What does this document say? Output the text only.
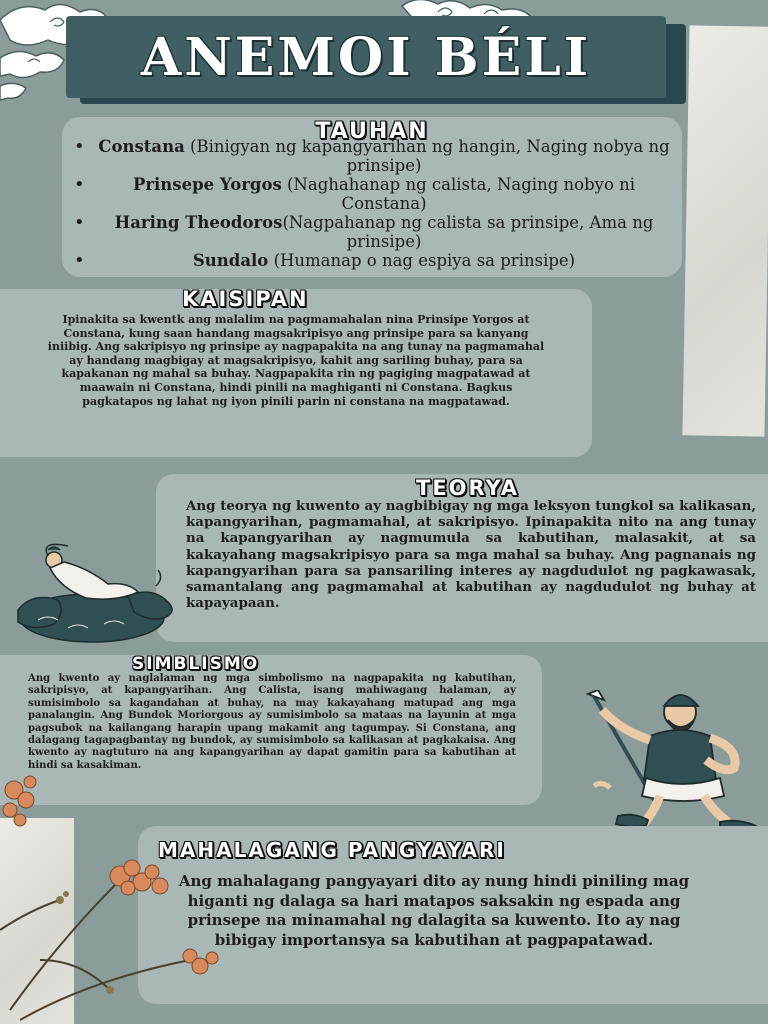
ANEMOI BÉLI
TAUHAN
• Constana (Binigyan ng kapangyarihan ng hangin, Naging nobya ng prinsipe)
• Prinsepe Yorgos (Naghahanap ng calista, Naging nobyo ni Constana)
• Haring Theodoros(Nagpahanap ng calista sa prinsipe, Ama ng prinsipe)
• Sundalo (Humanap o nag espiya sa prinsipe)
KAISIPAN

Ipinakita sa kwentk ang malalim na pagmamahalan nina Prinsipe Yorgos at Constana, kung saan handang magsakripisyo ang prinsipe para sa kanyang iniibig. Ang sakripisyo ng prinsipe ay nagpapakita na ang tunay na pagmamahal ay handang magbigay at magsakripisyo, kahit ang sariling buhay, para sa kapakanan ng mahal sa buhay. Nagpapakita rin ng pagiging magpatawad at maawain ni Constana, hindi pinili na maghiganti ni Constana. Bagkus pagkatapos ng lahat ng iyon pinili parin ni constana na magpatawad.

TEORYA

Ang teorya ng kuwento ay nagbibigay ng mga leksyon tungkol sa kalikasan, kapangyarihan, pagmamahal, at sakripisyo. Ipinapakita nito na ang tunay na kapangyarihan ay nagmumula sa kabutihan, malasakit, at sa kakayahang magsakripisyo para sa mga mahal sa buhay. Ang pagnanais ng kapangyarihan para sa pansariling interes ay nagdudulot ng pagkawasak, samantalang ang pagmamahal at kabutihan ay nagdudulot ng buhay at kapayapaan.

SIMBLISMO

Ang kwento ay naglalaman ng mga simbolismo na nagpapakita ng kabutihan, sakripisyo, at kapangyarihan. Ang Calista, isang mahiwagang halaman, ay sumisimbolo sa kagandahan at buhay, na may kakayahang matupad ang mga panalangin. Ang Bundok Moriorgous ay sumisimbolo sa mataas na layunin at mga pagsubok na kailangang harapin upang makamit ang tagumpay. Si Constana, ang dalagang tagapagbantay ng bundok, ay sumisimbolo sa kalikasan at pagkakaisa. Ang kwento ay nagtuturo na ang kapangyarihan ay dapat gamitin para sa kabutihan at hindi sa kasakiman.

MAHALAGANG PANGYAYARI

Ang mahalagang pangyayari dito ay nung hindi piniling mag higanti ng dalaga sa hari matapos saksakin ng espada ang prinsepe na minamahal ng dalagita sa kuwento. Ito ay nag bibigay importansya sa kabutihan at pagpapatawad.
